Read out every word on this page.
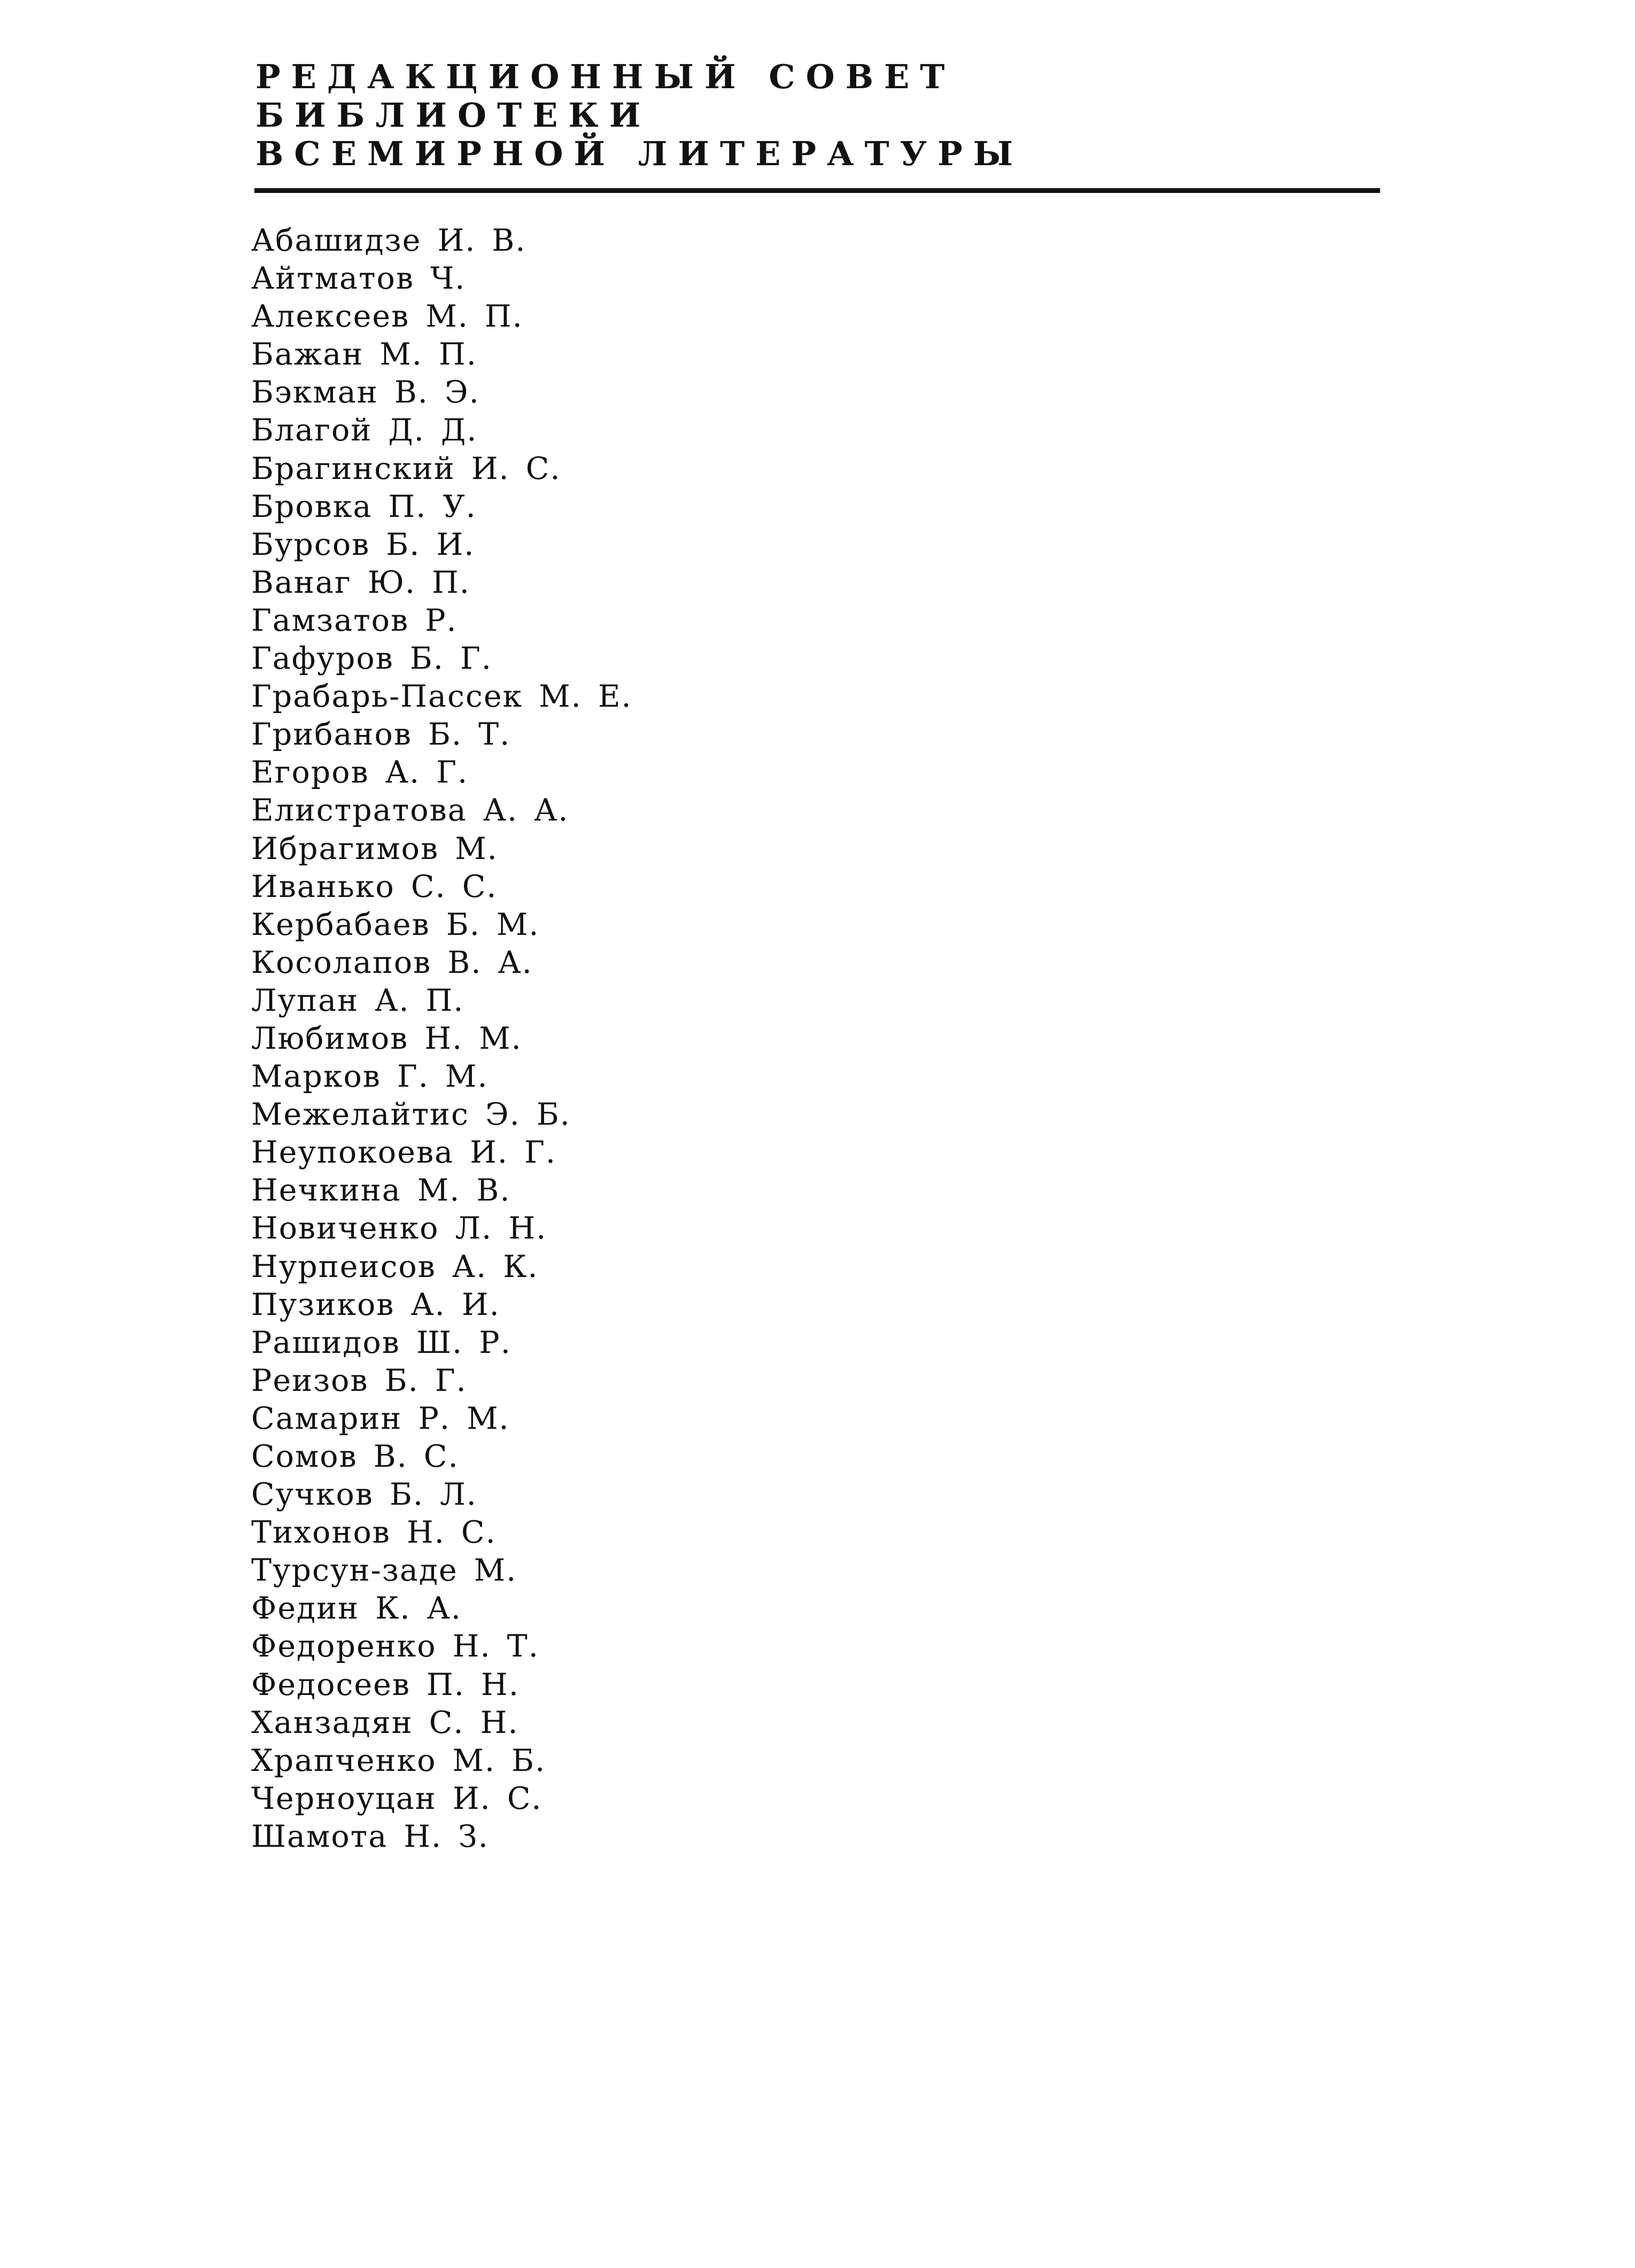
РЕДАКЦИОННЫЙ СОВЕТ
БИБЛИОТЕКИ
ВСЕМИРНОЙ ЛИТЕРАТУРЫ
Абашидзе И. В.
Айтматов Ч.
Алексеев М. П.
Бажан М. П.
Бэкман В. Э.
Благой Д. Д.
Брагинский И. С.
Бровка П. У.
Бурсов Б. И.
Ванаг Ю. П.
Гамзатов Р.
Гафуров Б. Г.
Грабарь-Пассек М. Е.
Грибанов Б. Т.
Егоров А. Г.
Елистратова А. А.
Ибрагимов М.
Иванько С. С.
Кербабаев Б. М.
Косолапов В. А.
Лупан А. П.
Любимов Н. М.
Марков Г. М.
Межелайтис Э. Б.
Неупокоева И. Г.
Нечкина М. В.
Новиченко Л. Н.
Нурпеисов А. К.
Пузиков А. И.
Рашидов Ш. Р.
Реизов Б. Г.
Самарин Р. М.
Сомов В. С.
Сучков Б. Л.
Тихонов Н. С.
Турсун-заде М.
Федин К. А.
Федоренко Н. Т.
Федосеев П. Н.
Ханзадян С. Н.
Храпченко М. Б.
Черноуцан И. С.
Шамота Н. З.
